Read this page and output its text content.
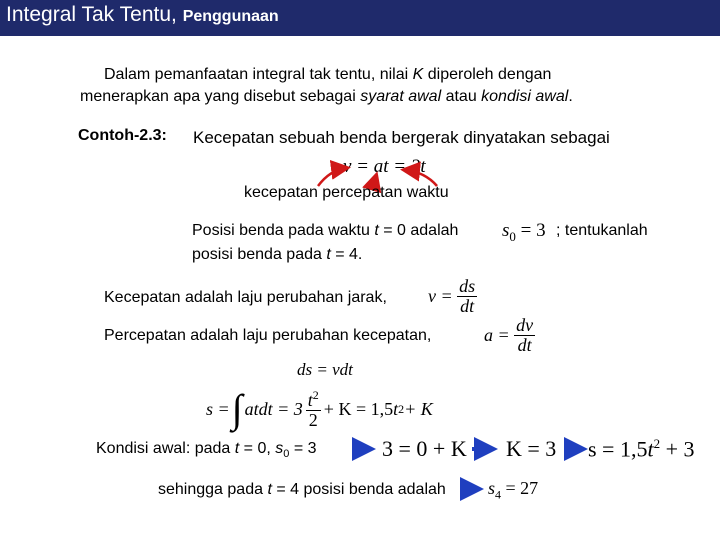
Integral Tak Tentu, Penggunaan
Dalam pemanfaatan integral tak tentu, nilai K diperoleh dengan
menerapkan apa yang disebut sebagai syarat awal atau kondisi awal.
Contoh-2.3: Kecepatan sebuah benda bergerak dinyatakan sebagai
v = at = 3t
kecepatan percepatan waktu
Posisi benda pada waktu t = 0 adalah $s_0 = 3$ ; tentukanlah
posisi benda pada t = 4.
Kecepatan adalah laju perubahan jarak, $v = \frac{ds}{dt}$
Percepatan adalah laju perubahan kecepatan,	$a = \frac{dv}{dt}$
ds = vdt
s = ∫ atdt = $3 \frac{t^2}{2} + K = 1,5$ t 2 + K
Kondisi awal: pada t = 0, $s_0 = 3$	3 = 0 + K K = 3 $s = 1,5t^2 + 3$
sehingga pada t = 4 posisi benda adalah $s_4 = 27$
